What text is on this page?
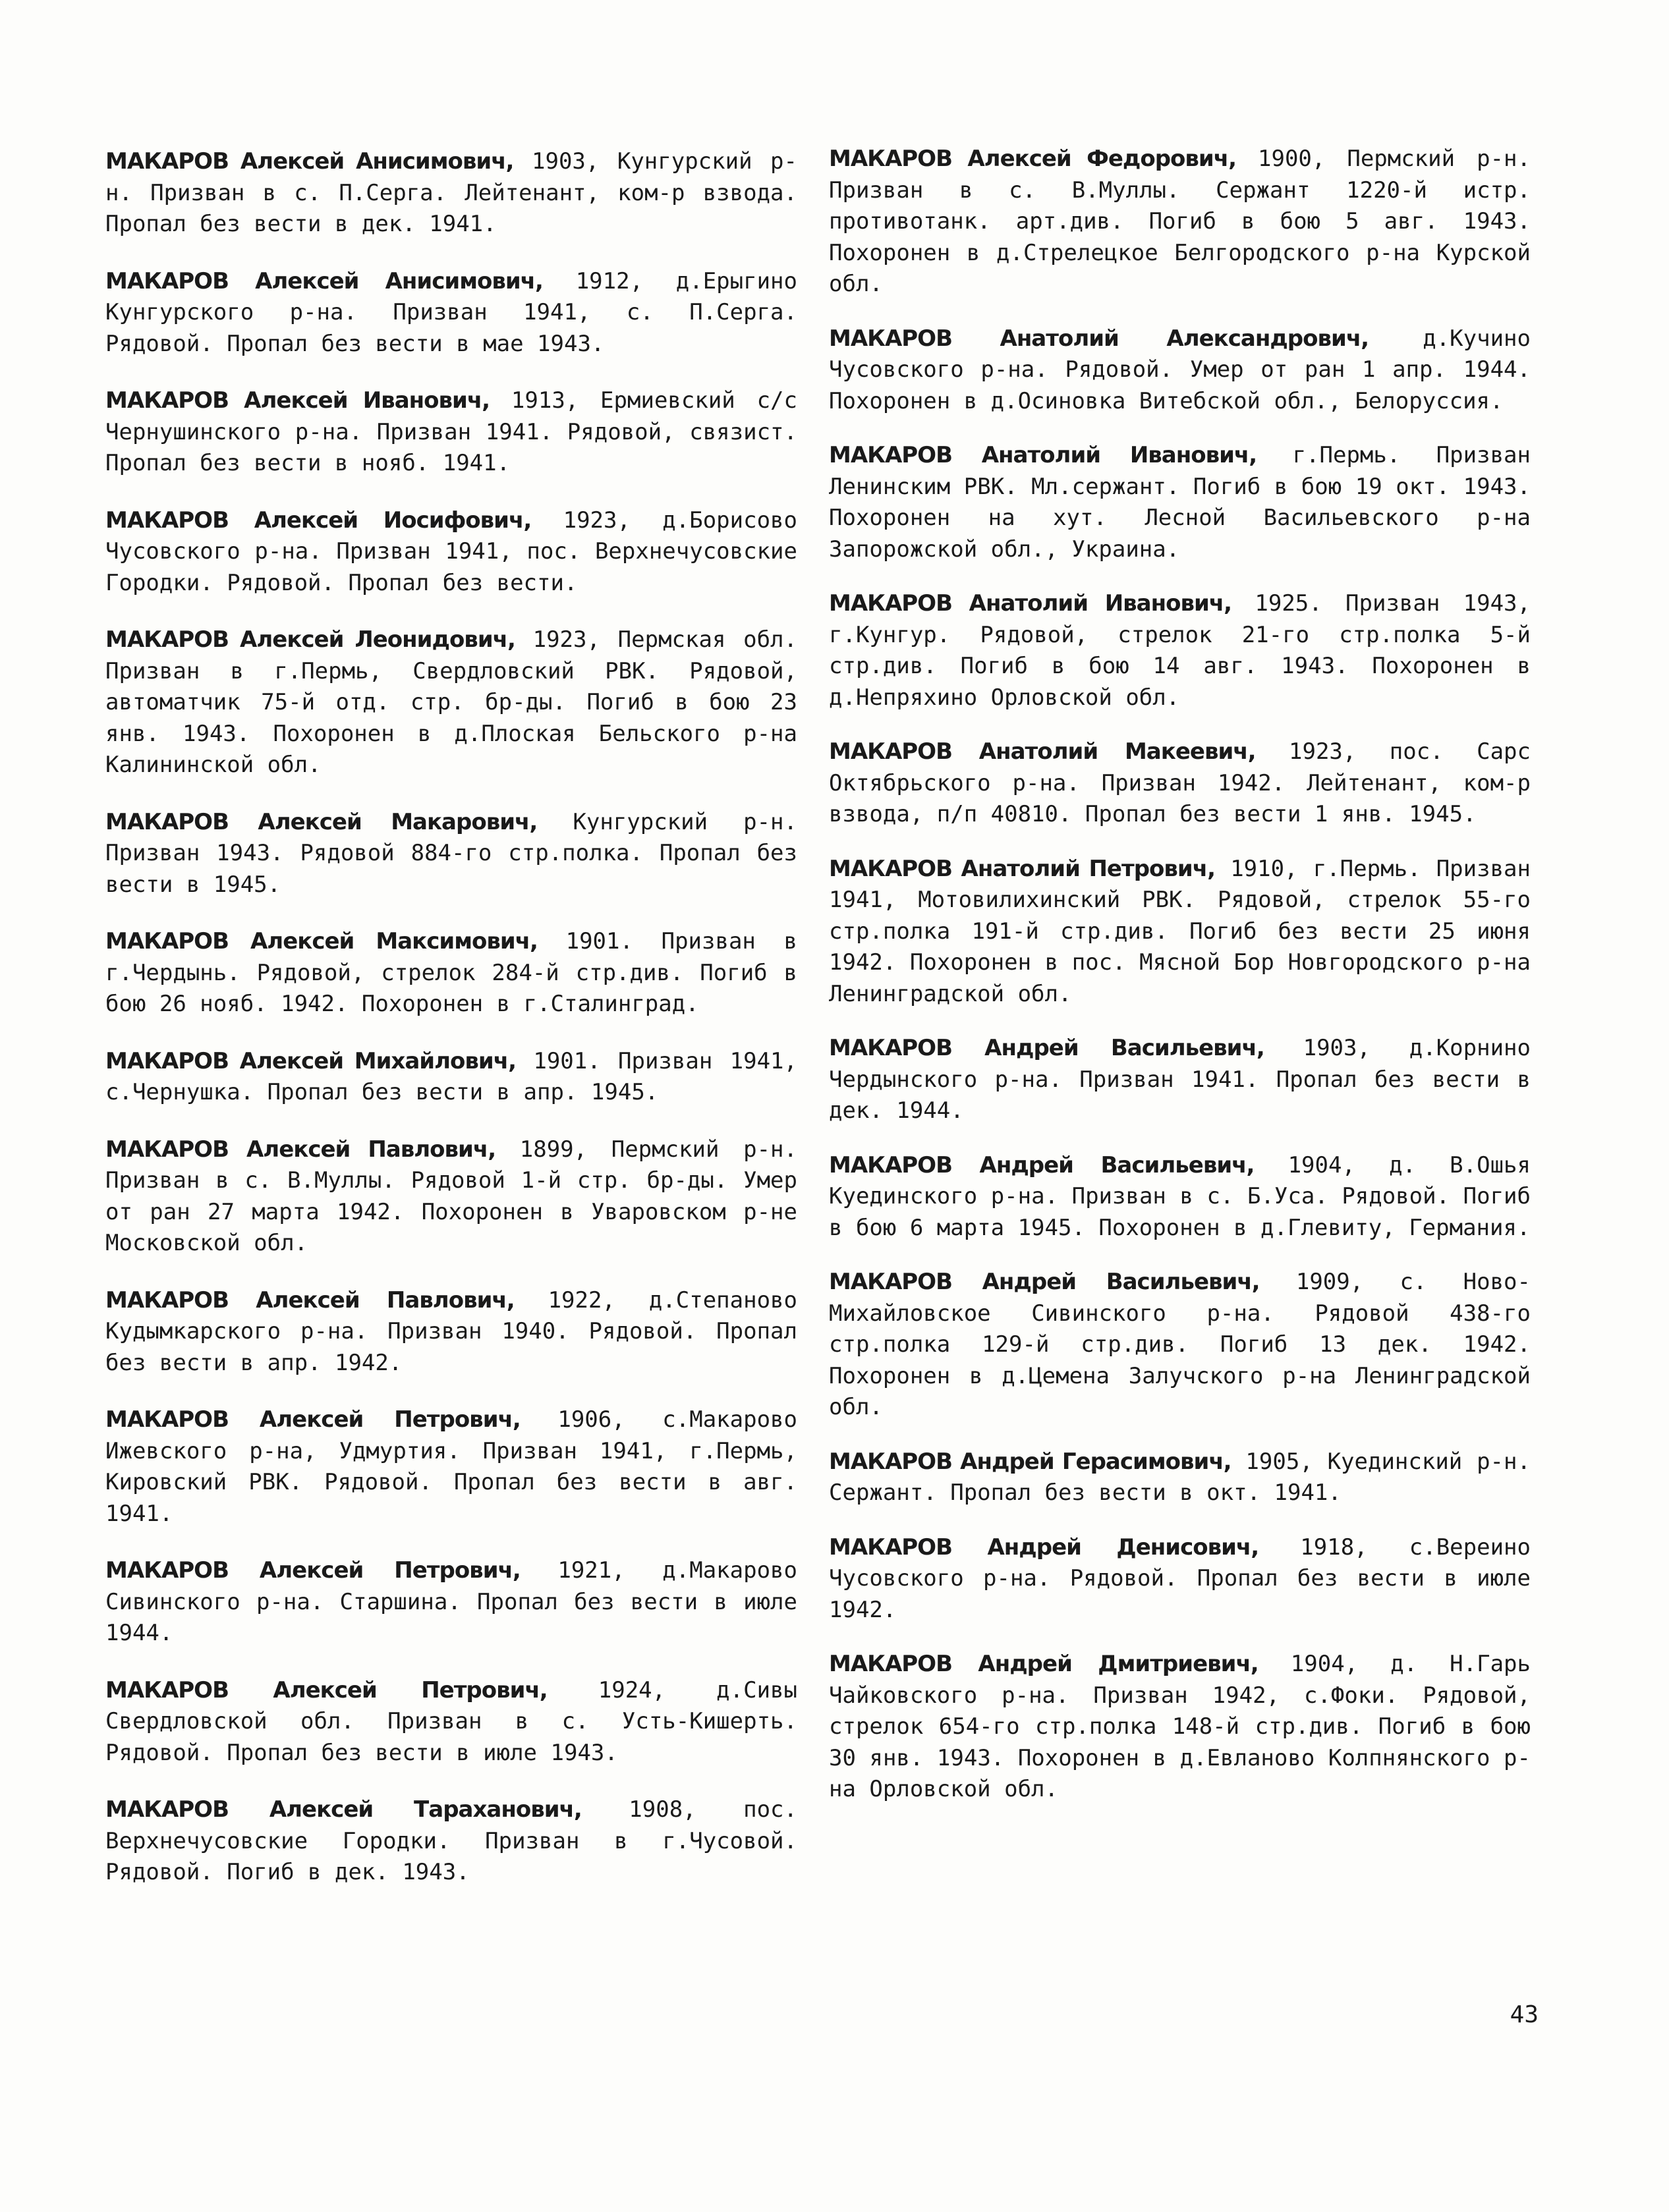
МАКАРОВ Алексей Анисимович, 1903, Кунгурский р-н. Призван в с. П.Серга. Лейтенант, ком-р взвода. Пропал без вести в дек. 1941.

МАКАРОВ Алексей Анисимович, 1912, д.Ерыгино Кунгурского р-на. Призван 1941, с. П.Серга. Рядовой. Пропал без вести в мае 1943.

МАКАРОВ Алексей Иванович, 1913, Ермиевский с/с Чернушинского р-на. Призван 1941. Рядовой, связист. Пропал без вести в нояб. 1941.

МАКАРОВ Алексей Иосифович, 1923, д.Борисово Чусовского р-на. Призван 1941, пос. Верхнечусовские Городки. Рядовой. Пропал без вести.

МАКАРОВ Алексей Леонидович, 1923, Пермская обл. Призван в г.Пермь, Свердловский РВК. Рядовой, автоматчик 75-й отд. стр. бр-ды. Погиб в бою 23 янв. 1943. Похоронен в д.Плоская Бельского р-на Калининской обл.

МАКАРОВ Алексей Макарович, Кунгурский р-н. Призван 1943. Рядовой 884-го стр.полка. Пропал без вести в 1945.

МАКАРОВ Алексей Максимович, 1901. Призван в г.Чердынь. Рядовой, стрелок 284-й стр.див. Погиб в бою 26 нояб. 1942. Похоронен в г.Сталинград.

МАКАРОВ Алексей Михайлович, 1901. Призван 1941, с.Чернушка. Пропал без вести в апр. 1945.

МАКАРОВ Алексей Павлович, 1899, Пермский р-н. Призван в с. В.Муллы. Рядовой 1-й стр. бр-ды. Умер от ран 27 марта 1942. Похоронен в Уваровском р-не Московской обл.

МАКАРОВ Алексей Павлович, 1922, д.Степаново Кудымкарского р-на. Призван 1940. Рядовой. Пропал без вести в апр. 1942.

МАКАРОВ Алексей Петрович, 1906, с.Макарово Ижевского р-на, Удмуртия. Призван 1941, г.Пермь, Кировский РВК. Рядовой. Пропал без вести в авг. 1941.

МАКАРОВ Алексей Петрович, 1921, д.Макарово Сивинского р-на. Старшина. Пропал без вести в июле 1944.

МАКАРОВ Алексей Петрович, 1924, д.Сивы Свердловской обл. Призван в с. Усть-Кишерть. Рядовой. Пропал без вести в июле 1943.

МАКАРОВ Алексей Тараханович, 1908, пос. Верхнечусовские Городки. Призван в г.Чусовой. Рядовой. Погиб в дек. 1943.

МАКАРОВ Алексей Федорович, 1900, Пермский р-н. Призван в с. В.Муллы. Сержант 1220-й истр. противотанк. арт.див. Погиб в бою 5 авг. 1943. Похоронен в д.Стрелецкое Белгородского р-на Курской обл.

МАКАРОВ Анатолий Александрович, д.Кучино Чусовского р-на. Рядовой. Умер от ран 1 апр. 1944. Похоронен в д.Осиновка Витебской обл., Белоруссия.

МАКАРОВ Анатолий Иванович, г.Пермь. Призван Ленинским РВК. Мл.сержант. Погиб в бою 19 окт. 1943. Похоронен на хут. Лесной Васильевского р-на Запорожской обл., Украина.

МАКАРОВ Анатолий Иванович, 1925. Призван 1943, г.Кунгур. Рядовой, стрелок 21-го стр.полка 5-й стр.див. Погиб в бою 14 авг. 1943. Похоронен в д.Непряхино Орловской обл.

МАКАРОВ Анатолий Макеевич, 1923, пос. Сарс Октябрьского р-на. Призван 1942. Лейтенант, ком-р взвода, п/п 40810. Пропал без вести 1 янв. 1945.

МАКАРОВ Анатолий Петрович, 1910, г.Пермь. Призван 1941, Мотовилихинский РВК. Рядовой, стрелок 55-го стр.полка 191-й стр.див. Погиб без вести 25 июня 1942. Похоронен в пос. Мясной Бор Новгородского р-на Ленинградской обл.

МАКАРОВ Андрей Васильевич, 1903, д.Корнино Чердынского р-на. Призван 1941. Пропал без вести в дек. 1944.

МАКАРОВ Андрей Васильевич, 1904, д. В.Ошья Куединского р-на. Призван в с. Б.Уса. Рядовой. Погиб в бою 6 марта 1945. Похоронен в д.Глевиту, Германия.

МАКАРОВ Андрей Васильевич, 1909, с. Ново-Михайловское Сивинского р-на. Рядовой 438-го стр.полка 129-й стр.див. Погиб 13 дек. 1942. Похоронен в д.Цемена Залучского р-на Ленинградской обл.

МАКАРОВ Андрей Герасимович, 1905, Куединский р-н. Сержант. Пропал без вести в окт. 1941.

МАКАРОВ Андрей Денисович, 1918, с.Вереино Чусовского р-на. Рядовой. Пропал без вести в июле 1942.

МАКАРОВ Андрей Дмитриевич, 1904, д. Н.Гарь Чайковского р-на. Призван 1942, с.Фоки. Рядовой, стрелок 654-го стр.полка 148-й стр.див. Погиб в бою 30 янв. 1943. Похоронен в д.Евланово Колпнянского р-на Орловской обл.

43
